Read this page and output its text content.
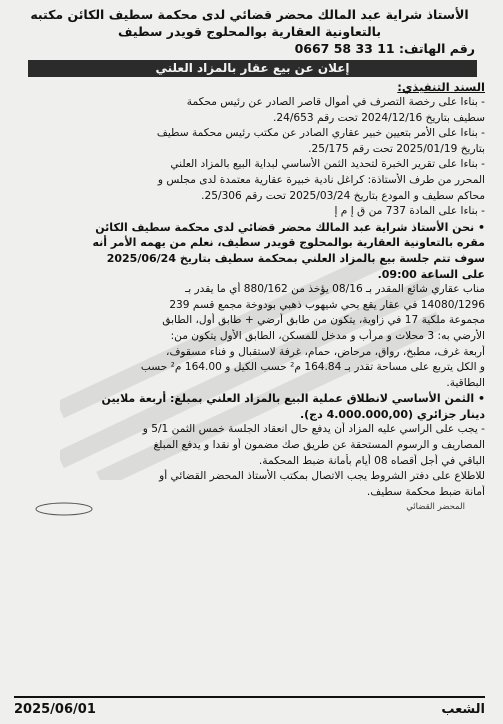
الأستاذ شراية عبد المالك محضر قضائي لدى محكمة سطيف الكائن مكتبه
بالتعاونية العقارية بوالمحلوج قويدر سطيف
رقم الهاتف: 0667 58 33 11
إعلان عن بيع عقار بالمزاد العلني
السند التنفيذي:
- بناءا على رخصة التصرف في أموال قاصر الصادر عن رئيس محكمة
سطيف بتاريخ 2024/12/16 تحت رقم 24/653.
- بناءا على الأمر بتعيين خبير عقاري الصادر عن مكتب رئيس محكمة سطيف
بتاريخ 2025/01/19 تحت رقم 25/175.
- بناءا على تقرير الخبرة لتحديد الثمن الأساسي لبداية البيع بالمزاد العلني
المحرر من طرف الأستاذة: كراغل نادية خبيرة عقارية معتمدة لدى مجلس و
محاكم سطيف و المودع بتاريخ 2025/03/24 تحت رقم 25/306.
- بناءا على المادة 737 من ق إ م إ
• نحن الأستاذ شراية عبد المالك محضر قضائي لدى محكمة سطيف الكائن
مقره بالتعاونية العقارية بوالمحلوج قويدر سطيف، نعلم من يهمه الأمر أنه
سوف تتم جلسة بيع بالمزاد العلني بمحكمة سطيف بتاريخ 2025/06/24
على الساعة 09:00.
مناب عقاري شائع المقدر بـ 08/16 يؤخذ من 880/162 أي ما يقدر بـ
14080/1296 في عقار يقع بحي شيهوب ذهبي بودوخة مجمع قسم 239
مجموعة ملكية 17 في زاوية، يتكون من طابق أرضي + طابق أول، الطابق
الأرضي به: 3 محلات و مرأب و مدخل للمسكن، الطابق الأول يتكون من:
أربعة غرف، مطبخ، رواق، مرحاض، حمام، غرفة لاستقبال و فناء مسقوف،
و الكل يتربع على مساحة تقدر بـ 164.84 م² حسب الكيل و 164.00 م² حسب
البطاقية.
• الثمن الأساسي لانطلاق عملية البيع بالمزاد العلني بمبلغ: أربعة ملايين
دينار جزائري (4.000.000,00 دج).
- يجب على الراسي عليه المزاد أن يدفع حال انعقاد الجلسة خمس الثمن 5/1 و
المصاريف و الرسوم المستحقة عن طريق صك مضمون أو نقدا و يدفع المبلغ
الباقي في أجل أقصاه 08 أيام بأمانة ضبط المحكمة.
للاطلاع على دفتر الشروط يجب الاتصال بمكتب الأستاذ المحضر القضائي أو
أمانة ضبط محكمة سطيف.
المحضر القضائي
الشعب
2025/06/01
